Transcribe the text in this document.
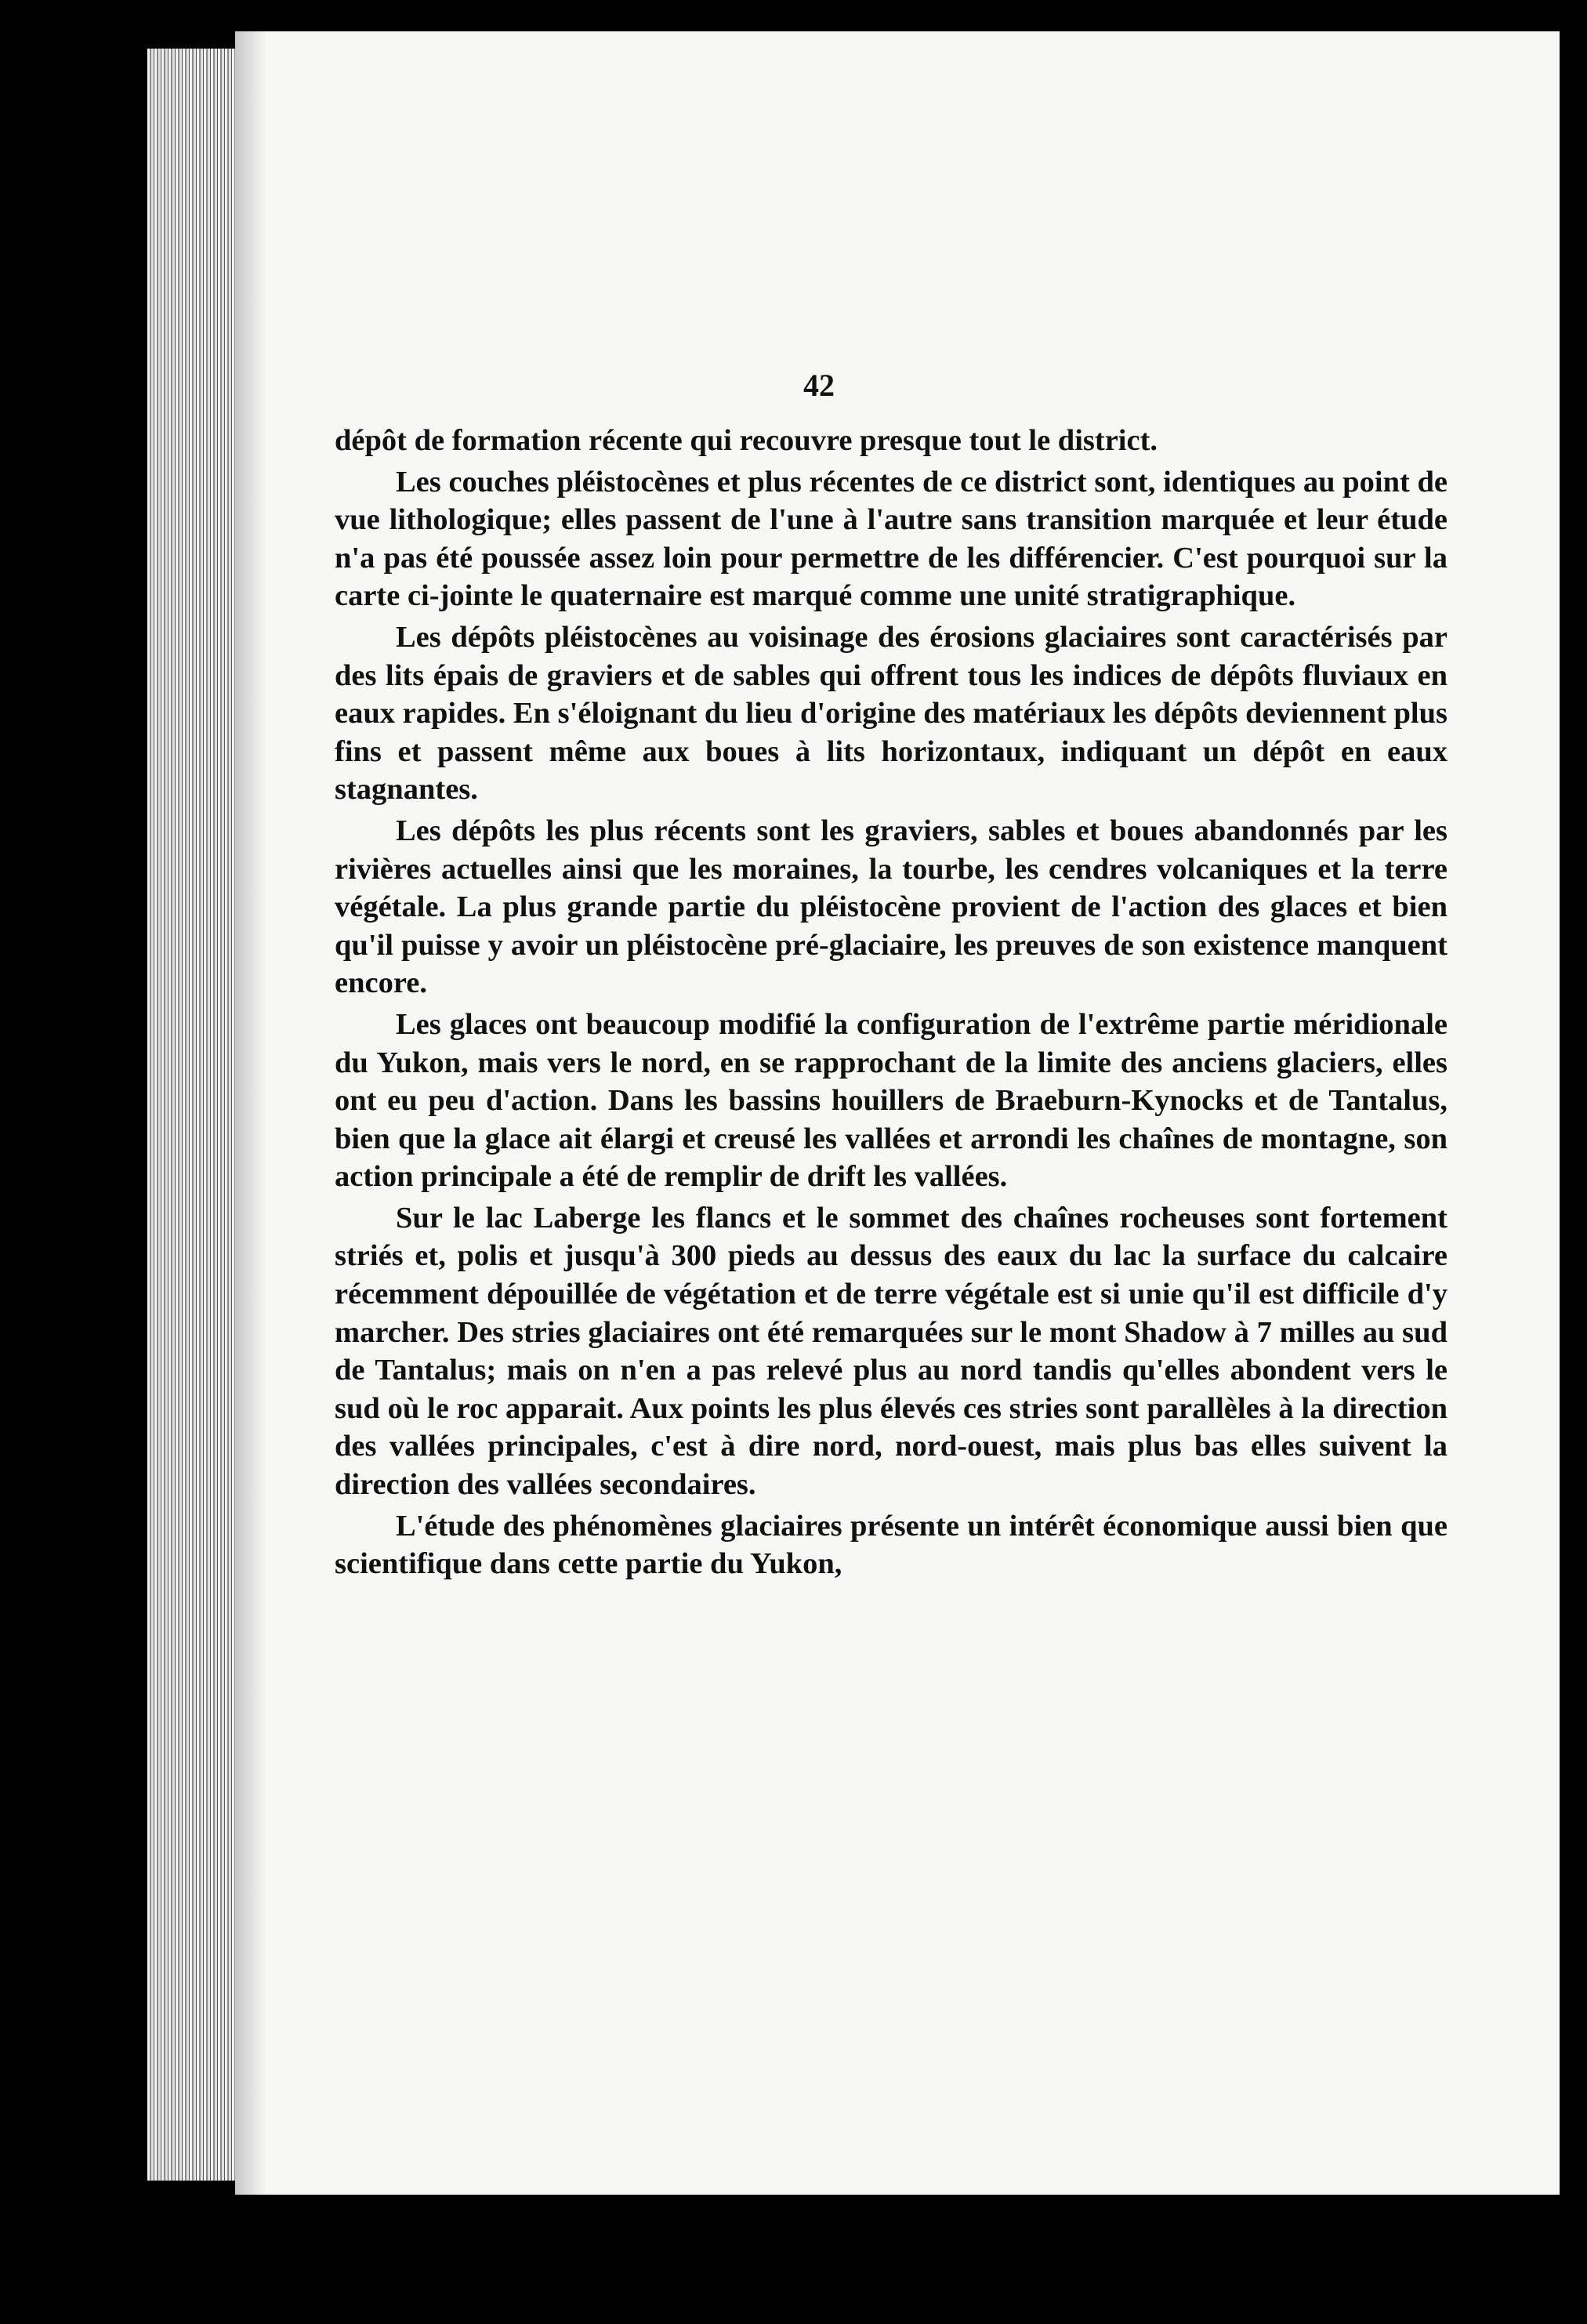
42

dépôt de formation récente qui recouvre presque tout le district.

Les couches pléistocènes et plus récentes de ce district sont, identiques au point de vue lithologique; elles passent de l'une à l'autre sans transition marquée et leur étude n'a pas été poussée assez loin pour permettre de les différencier. C'est pourquoi sur la carte ci-jointe le quaternaire est marqué comme une unité stratigraphique.

Les dépôts pléistocènes au voisinage des érosions glaciaires sont caractérisés par des lits épais de graviers et de sables qui offrent tous les indices de dépôts fluviaux en eaux rapides. En s'éloignant du lieu d'origine des matériaux les dépôts deviennent plus fins et passent même aux boues à lits horizontaux, indiquant un dépôt en eaux stagnantes.

Les dépôts les plus récents sont les graviers, sables et boues abandonnés par les rivières actuelles ainsi que les moraines, la tourbe, les cendres volcaniques et la terre végétale. La plus grande partie du pléistocène provient de l'action des glaces et bien qu'il puisse y avoir un pléistocène pré-glaciaire, les preuves de son existence manquent encore.

Les glaces ont beaucoup modifié la configuration de l'extrême partie méridionale du Yukon, mais vers le nord, en se rapprochant de la limite des anciens glaciers, elles ont eu peu d'action. Dans les bassins houillers de Braeburn-Kynocks et de Tantalus, bien que la glace ait élargi et creusé les vallées et arrondi les chaînes de montagne, son action principale a été de remplir de drift les vallées.

Sur le lac Laberge les flancs et le sommet des chaînes rocheuses sont fortement striés et, polis et jusqu'à 300 pieds au dessus des eaux du lac la surface du calcaire récemment dépouillée de végétation et de terre végétale est si unie qu'il est difficile d'y marcher. Des stries glaciaires ont été remarquées sur le mont Shadow à 7 milles au sud de Tantalus; mais on n'en a pas relevé plus au nord tandis qu'elles abondent vers le sud où le roc apparait. Aux points les plus élevés ces stries sont parallèles à la direction des vallées principales, c'est à dire nord, nord-ouest, mais plus bas elles suivent la direction des vallées secondaires.

L'étude des phénomènes glaciaires présente un intérêt économique aussi bien que scientifique dans cette partie du Yukon,
